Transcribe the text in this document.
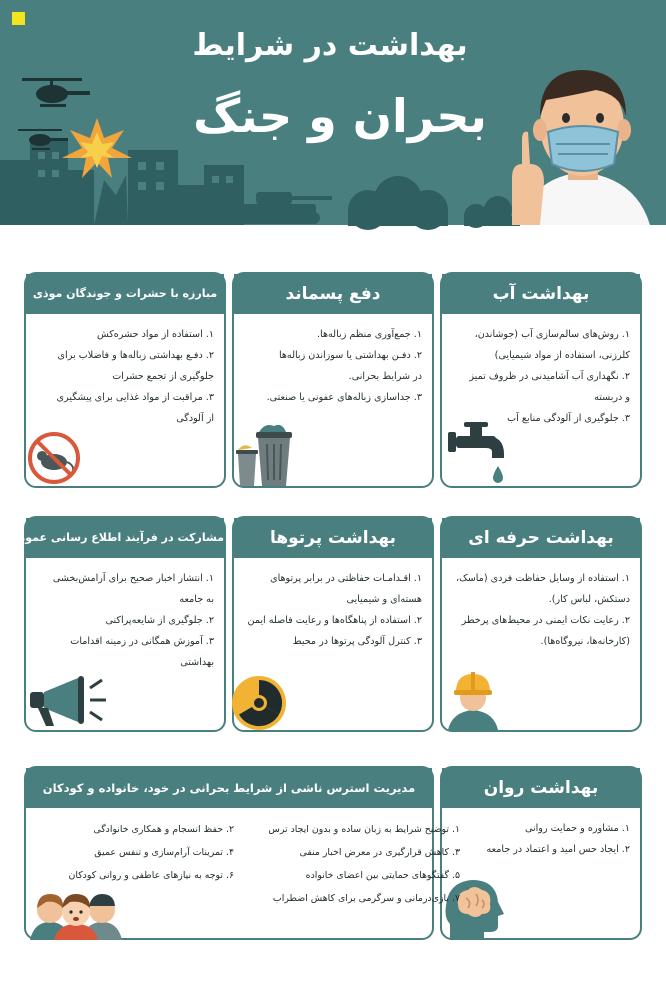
بهداشت در شرایط
بحران و جنگ
بهداشت آب

۱. روش‌های سالم‌سازی آب (جوشاندن،

کلرزنی، استفاده از مواد شیمیایی)

۲. نگهداری آب آشامیدنی در ظروف تمیز

و دربسته

۳. جلوگیری از آلودگی منابع آب

دفع پسماند

۱. جمع‌آوری منظم زباله‌ها.

۲. دفـن بهداشتی یا سوزاندن زباله‌ها

در شرایط بحرانی.

۳. جداسازی زباله‌های عفونی یا صنعتی.

مبارزه با حشرات و جوندگان موذی

۱. استفاده از مواد حشره‌کش

۲. دفـع بهداشتی زباله‌ها و فاضلاب برای

جلوگیری از تجمع حشرات

۳. مراقبت از مواد غذایی برای پیشگیری

از آلودگی

بهداشت حرفه ای

۱. استفاده از وسایل حفاظت فردی (ماسک،

دستکش، لباس کار).

۲. رعایت نکات ایمنی در محیط‌های پرخطر

(کارخانه‌ها، نیروگاه‌ها).

بهداشت پرتوها

۱. اقـدامـات حفاظتی در برابر پرتوهای

هسته‌ای و شیمیایی

۲. استفاده از پناهگاه‌ها و رعایت فاصله ایمن

۳. کنترل آلودگی پرتوها در محیط

مشارکت در فرآیند اطلاع رسانی عمومی

۱. انتشار اخبار صحیح برای آرامش‌بخشی

به جامعه

۲. جلوگیری از شایعه‌پراکنی

۳. آموزش همگانی در زمینه اقدامات بهداشتی

بهداشت روان

۱. مشاوره و حمایت روانی

۲. ایجاد حس امید و اعتماد در جامعه

مدیریت استرس ناشی از شرایط بحرانی در خود، خانواده و کودکان

۱. توضیح شرایط به زبان ساده و بدون ایجاد ترس

۳. کاهش قرارگیری در معرض اخبار منفی

۵. گفتگوهای حمایتی بین اعضای خانواده

۷. بازی‌درمانی و سرگرمی برای کاهش اضطراب

۲. حفظ انسجام و همکاری خانوادگی

۴. تمرینات آرام‌سازی و تنفس عمیق

۶. توجه به نیازهای عاطفی و روانی کودکان
